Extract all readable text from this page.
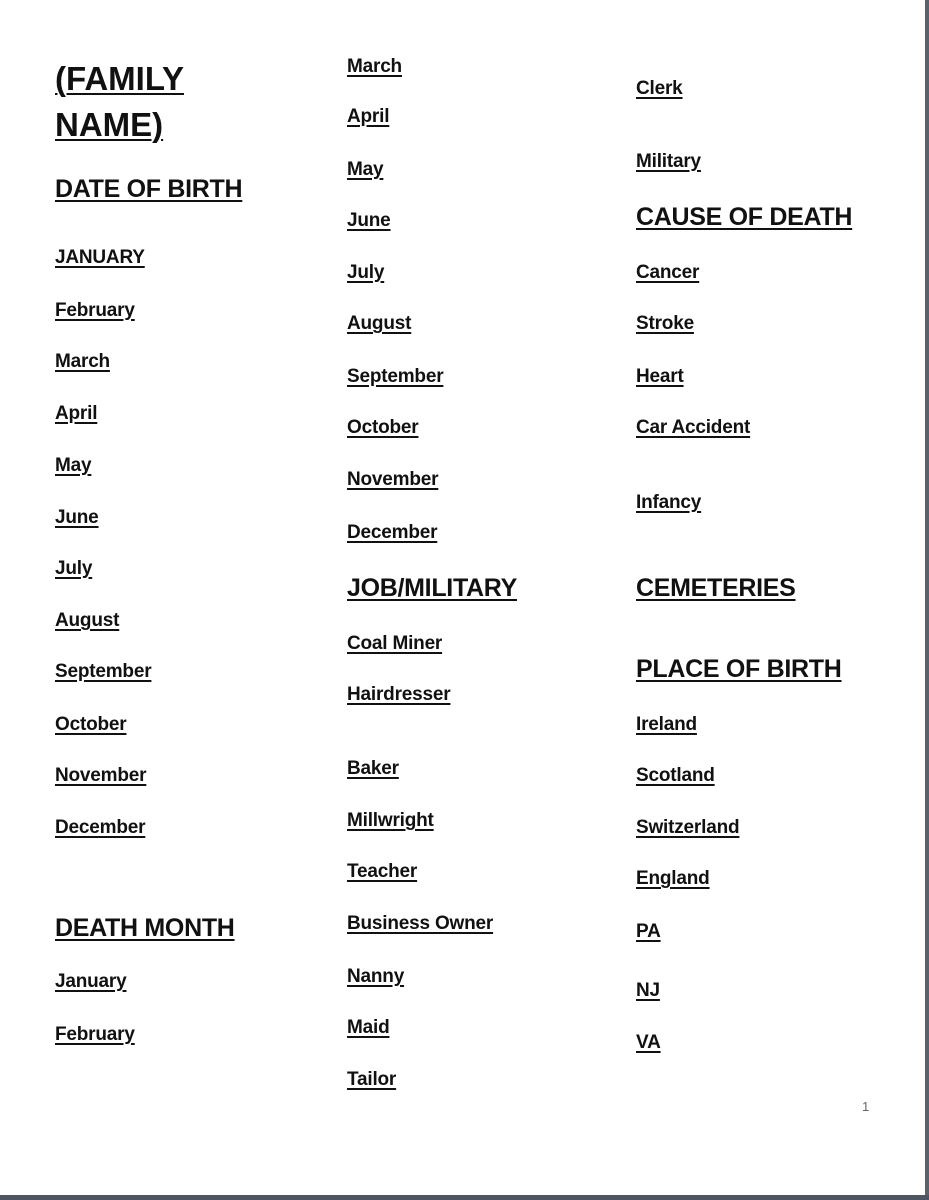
(FAMILY
NAME)
DATE OF BIRTH
JANUARY
February
March
April
May
June
July
August
September
October
November
December
DEATH MONTH
January
February
March
April
May
June
July
August
September
October
November
December
JOB/MILITARY
Coal Miner
Hairdresser
Baker
Millwright
Teacher
Business Owner
Nanny
Maid
Tailor
Clerk
Military
CAUSE OF DEATH
Cancer
Stroke
Heart
Car Accident
Infancy
CEMETERIES
PLACE OF BIRTH
Ireland
Scotland
Switzerland
England
PA
NJ
VA
1
